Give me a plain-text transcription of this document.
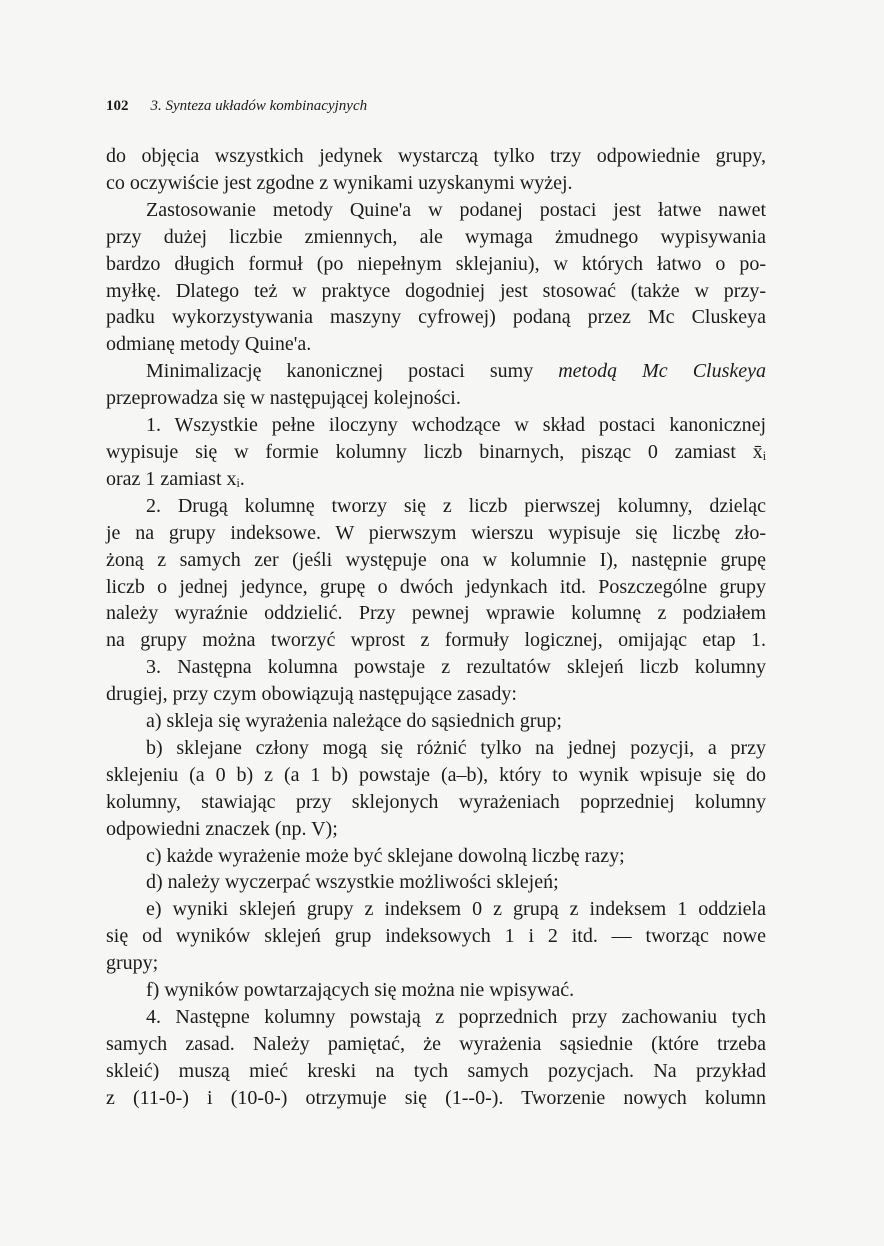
102 3. Synteza układów kombinacyjnych
do objęcia wszystkich jedynek wystarczą tylko trzy odpowiednie grupy,
co oczywiście jest zgodne z wynikami uzyskanymi wyżej.
Zastosowanie metody Quine'a w podanej postaci jest łatwe nawet
przy dużej liczbie zmiennych, ale wymaga żmudnego wypisywania
bardzo długich formuł (po niepełnym sklejaniu), w których łatwo o po-
myłkę. Dlatego też w praktyce dogodniej jest stosować (także w przy-
padku wykorzystywania maszyny cyfrowej) podaną przez Mc Cluskeya
odmianę metody Quine'a.
Minimalizację kanonicznej postaci sumy metodą Mc Cluskeya
przeprowadza się w następującej kolejności.
1. Wszystkie pełne iloczyny wchodzące w skład postaci kanonicznej
wypisuje się w formie kolumny liczb binarnych, pisząc 0 zamiast x̄ᵢ
oraz 1 zamiast xᵢ.
2. Drugą kolumnę tworzy się z liczb pierwszej kolumny, dzieląc
je na grupy indeksowe. W pierwszym wierszu wypisuje się liczbę zło-
żoną z samych zer (jeśli występuje ona w kolumnie I), następnie grupę
liczb o jednej jedynce, grupę o dwóch jedynkach itd. Poszczególne grupy
należy wyraźnie oddzielić. Przy pewnej wprawie kolumnę z podziałem
na grupy można tworzyć wprost z formuły logicznej, omijając etap 1.
3. Następna kolumna powstaje z rezultatów sklejeń liczb kolumny
drugiej, przy czym obowiązują następujące zasady:
a) skleja się wyrażenia należące do sąsiednich grup;
b) sklejane człony mogą się różnić tylko na jednej pozycji, a przy
sklejeniu (a 0 b) z (a 1 b) powstaje (a–b), który to wynik wpisuje się do
kolumny, stawiając przy sklejonych wyrażeniach poprzedniej kolumny
odpowiedni znaczek (np. V);
c) każde wyrażenie może być sklejane dowolną liczbę razy;
d) należy wyczerpać wszystkie możliwości sklejeń;
e) wyniki sklejeń grupy z indeksem 0 z grupą z indeksem 1 oddziela
się od wyników sklejeń grup indeksowych 1 i 2 itd. — tworząc nowe
grupy;
f) wyników powtarzających się można nie wpisywać.
4. Następne kolumny powstają z poprzednich przy zachowaniu tych
samych zasad. Należy pamiętać, że wyrażenia sąsiednie (które trzeba
skleić) muszą mieć kreski na tych samych pozycjach. Na przykład
z (11-0-) i (10-0-) otrzymuje się (1--0-). Tworzenie nowych kolumn
